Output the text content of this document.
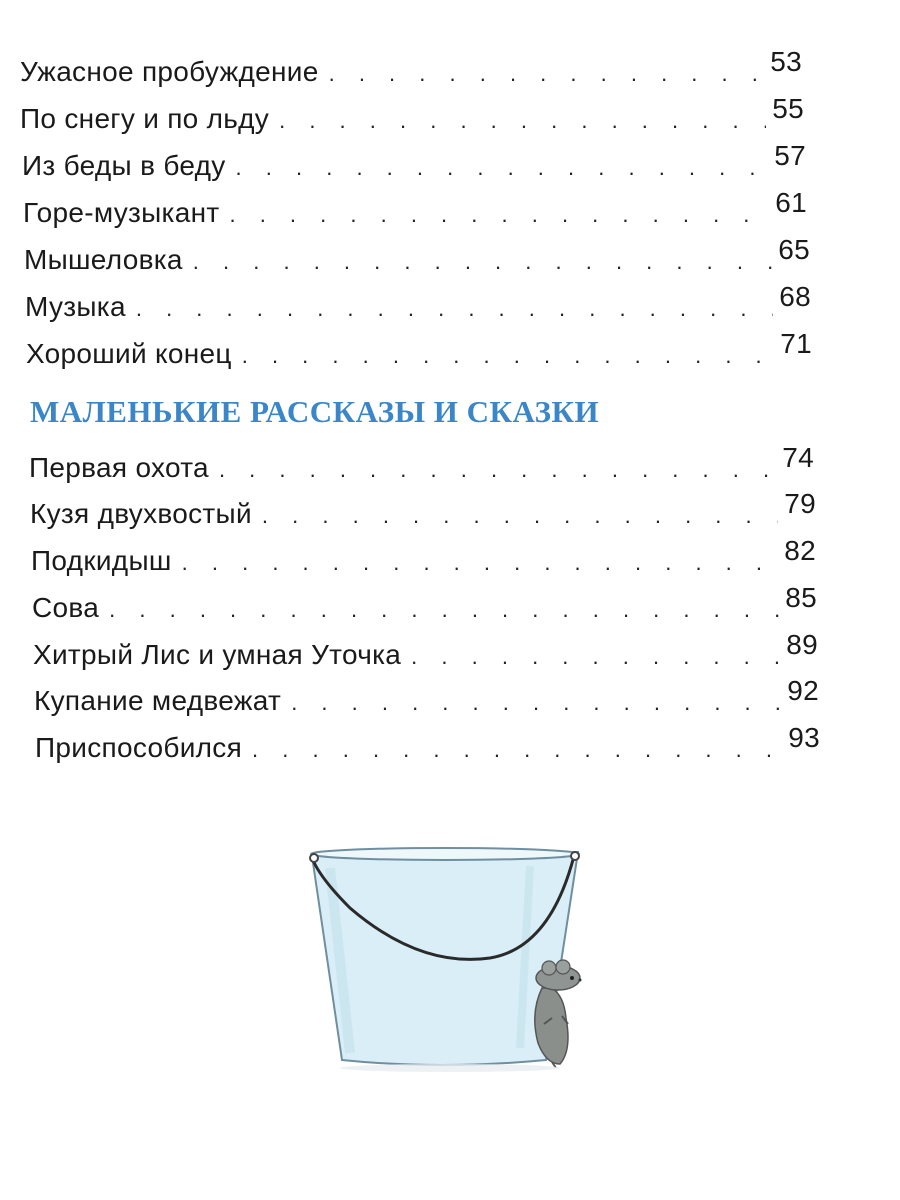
Ужасное пробуждение . . .	53
По снегу и по льду . . .	55
Из беды в беду . . .	57
Горе-музыкант . . .	61
Мышеловка . . .	65
Музыка . . .	68
Хороший конец . . .	71
МАЛЕНЬКИЕ РАССКАЗЫ И СКАЗКИ
Первая охота . . .	74
Кузя двухвостый . . .	79
Подкидыш . . .	82
Сова . . .	85
Хитрый Лис и умная Уточка . . .	89
Купание медвежат . . .	92
Приспособился . . .	93
